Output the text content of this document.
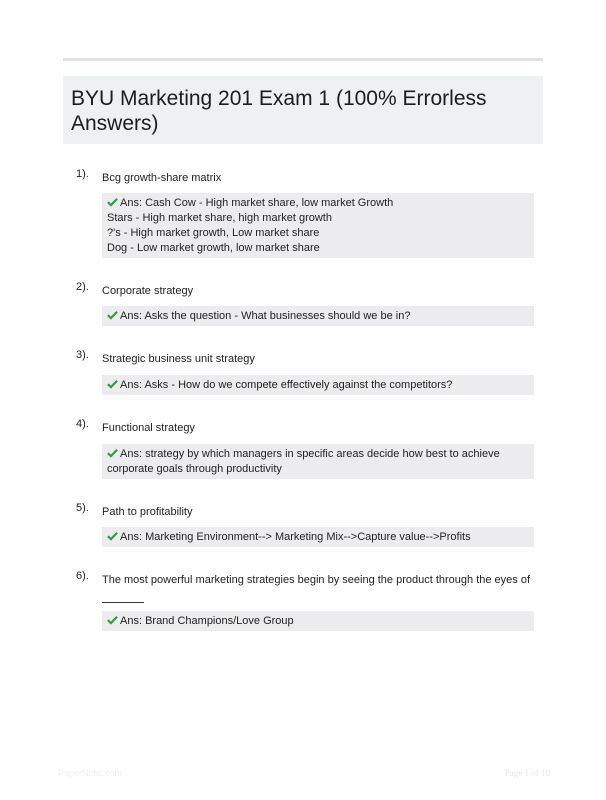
BYU Marketing 201 Exam 1 (100% Errorless Answers)
1). Bcg growth-share matrix
Ans: Cash Cow - High market share, low market Growth
Stars - High market share, high market growth
?'s - High market growth, Low market share
Dog - Low market growth, low market share
2). Corporate strategy
Ans: Asks the question - What businesses should we be in?
3). Strategic business unit strategy
Ans: Asks - How do we compete effectively against the competitors?
4). Functional strategy
Ans: strategy by which managers in specific areas decide how best to achieve
corporate goals through productivity
5). Path to profitability
Ans: Marketing Environment--> Marketing Mix-->Capture value-->Profits
6). The most powerful marketing strategies begin by seeing the product through the eyes of

Ans: Brand Champions/Love Group
PaperNotic.com	Page 1 of 10
